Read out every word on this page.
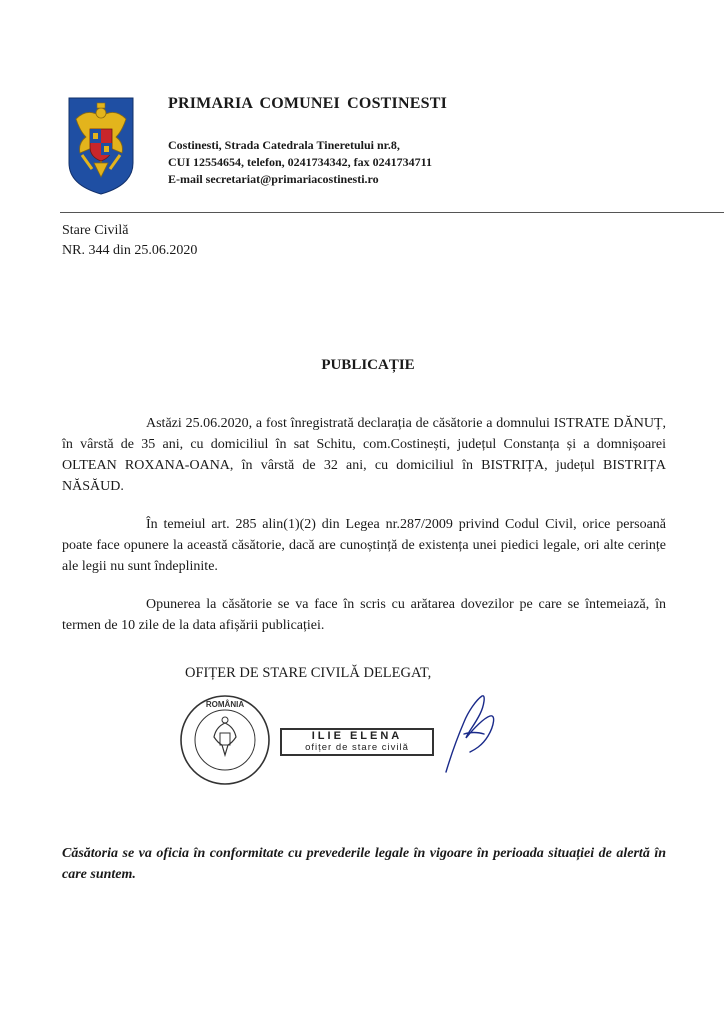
PRIMARIA COMUNEI COSTINESTI
Costinesti, Strada Catedrala Tineretului nr.8,
CUI 12554654, telefon, 0241734342, fax 0241734711
E-mail secretariat@primariacostinesti.ro
Stare Civilă
NR. 344 din 25.06.2020
PUBLICAȚIE

Astăzi 25.06.2020, a fost înregistrată declarația de căsătorie a domnului ISTRATE DĂNUȚ, în vârstă de 35 ani, cu domiciliul în sat Schitu, com.Costinești, județul Constanța și a domnișoarei OLTEAN ROXANA-OANA, în vârstă de 32 ani, cu domiciliul în BISTRIȚA, județul BISTRIȚA NĂSĂUD.

În temeiul art. 285 alin(1)(2) din Legea nr.287/2009 privind Codul Civil, orice persoană poate face opunere la această căsătorie, dacă are cunoștință de existența unei piedici legale, ori alte cerințe ale legii nu sunt îndeplinite.

Opunerea la căsătorie se va face în scris cu arătarea dovezilor pe care se întemeiază, în termen de 10 zile de la data afișării publicației.

OFIȚER DE STARE CIVILĂ DELEGAT,
ROMÂNIA
ILIE ELENA
ofițer de stare civilă
Căsătoria se va oficia în conformitate cu prevederile legale în vigoare în perioada situației de alertă în care suntem.
